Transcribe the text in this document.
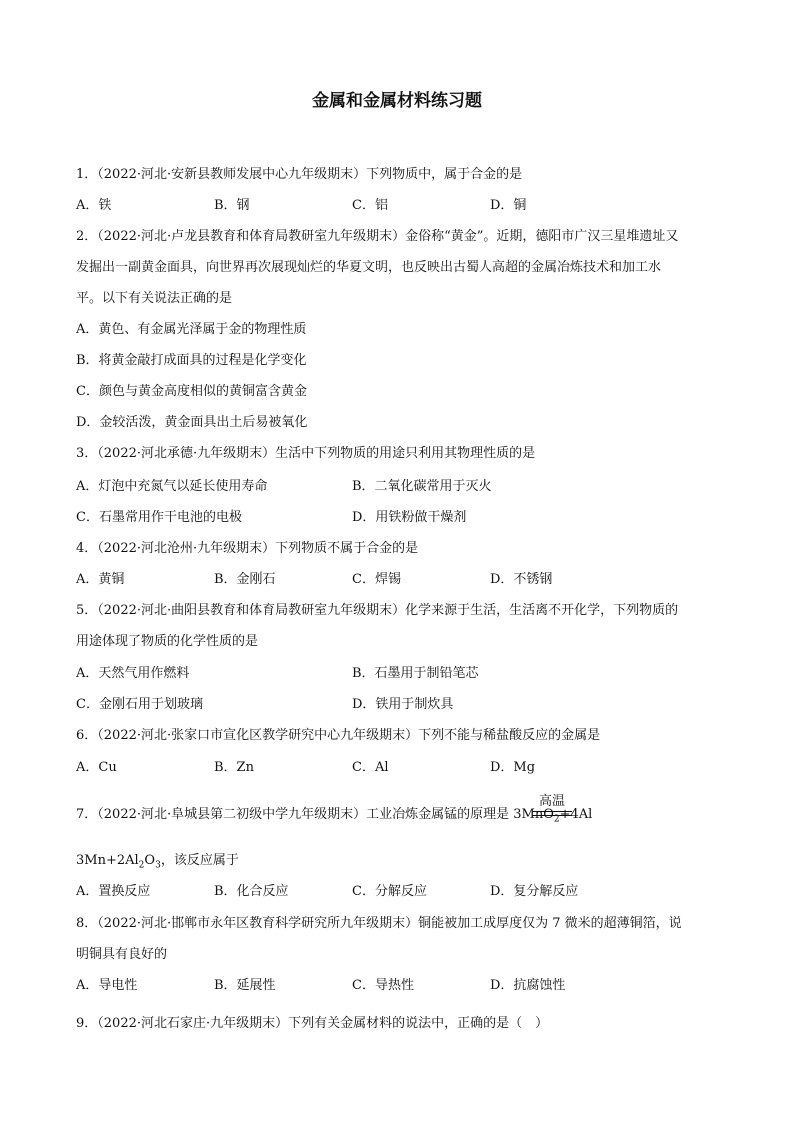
金属和金属材料练习题
1．（2022·河北·安新县教师发展中心九年级期末）下列物质中，属于合金的是
A．铁	B．钢	C．铝	D．铜
2．（2022·河北·卢龙县教育和体育局教研室九年级期末）金俗称“黄金”。近期，德阳市广汉三星堆遗址又
发掘出一副黄金面具，向世界再次展现灿烂的华夏文明，也反映出古蜀人高超的金属冶炼技术和加工水
平。以下有关说法正确的是
A．黄色、有金属光泽属于金的物理性质
B．将黄金敲打成面具的过程是化学变化
C．颜色与黄金高度相似的黄铜富含黄金
D．金较活泼，黄金面具出土后易被氧化
3．（2022·河北承德·九年级期末）生活中下列物质的用途只利用其物理性质的是
A．灯泡中充氮气以延长使用寿命	B．二氧化碳常用于灭火
C．石墨常用作干电池的电极	D．用铁粉做干燥剂
4．（2022·河北沧州·九年级期末）下列物质不属于合金的是
A．黄铜	B．金刚石	C．焊锡	D．不锈钢
5．（2022·河北·曲阳县教育和体育局教研室九年级期末）化学来源于生活，生活离不开化学，下列物质的
用途体现了物质的化学性质的是
A．天然气用作燃料	B．石墨用于制铅笔芯
C．金刚石用于划玻璃	D．铁用于制炊具
6．（2022·河北·张家口市宣化区教学研究中心九年级期末）下列不能与稀盐酸反应的金属是
A．Cu	B．Zn	C．Al	D．Mg
7．（2022·河北·阜城县第二初级中学九年级期末）工业冶炼金属锰的原理是 3MnO$_2$+4Al
高温
$3Mn+2Al_2O_3$，该反应属于
A．置换反应	B．化合反应	C．分解反应	D．复分解反应
8．（2022·河北·邯郸市永年区教育科学研究所九年级期末）铜能被加工成厚度仅为 7 微米的超薄铜箔，说
明铜具有良好的
A．导电性	B．延展性	C．导热性	D．抗腐蚀性
9．（2022·河北石家庄·九年级期末）下列有关金属材料的说法中，正确的是（　）
